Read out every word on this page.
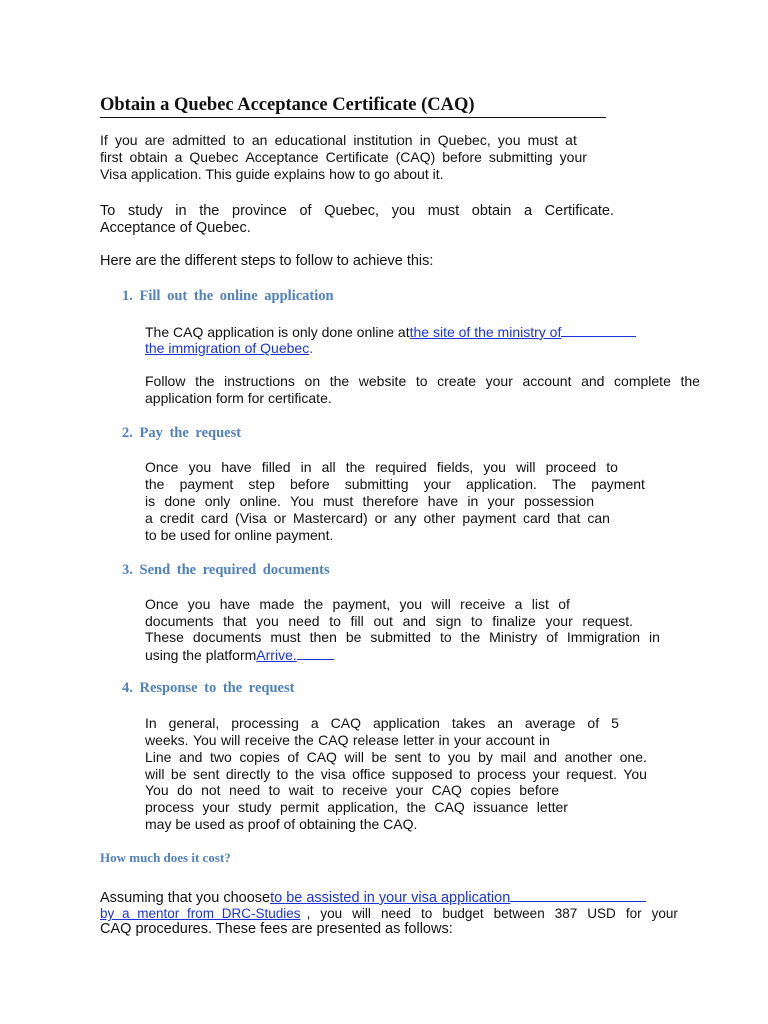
Obtain a Quebec Acceptance Certificate (CAQ)
If you are admitted to an educational institution in Quebec, you must at
first obtain a Quebec Acceptance Certificate (CAQ) before submitting your
Visa application. This guide explains how to go about it.
To study in the province of Quebec, you must obtain a Certificate.
Acceptance of Quebec.
Here are the different steps to follow to achieve this:
1. Fill out the online application
The CAQ application is only done online atthe site of the ministry of
the immigration of Quebec.
Follow the instructions on the website to create your account and complete the
application form for certificate.
2. Pay the request
Once you have filled in all the required fields, you will proceed to
the payment step before submitting your application. The payment
is done only online. You must therefore have in your possession
a credit card (Visa or Mastercard) or any other payment card that can
to be used for online payment.
3. Send the required documents
Once you have made the payment, you will receive a list of
documents that you need to fill out and sign to finalize your request.
These documents must then be submitted to the Ministry of Immigration in
using the platformArrive.
4. Response to the request
In general, processing a CAQ application takes an average of 5
weeks. You will receive the CAQ release letter in your account in
Line and two copies of CAQ will be sent to you by mail and another one.
will be sent directly to the visa office supposed to process your request. You
You do not need to wait to receive your CAQ copies before
process your study permit application, the CAQ issuance letter
may be used as proof of obtaining the CAQ.
How much does it cost?
Assuming that you chooseto be assisted in your visa application
by a mentor from DRC-Studies , you will need to budget between 387 USD for your
CAQ procedures. These fees are presented as follows:
